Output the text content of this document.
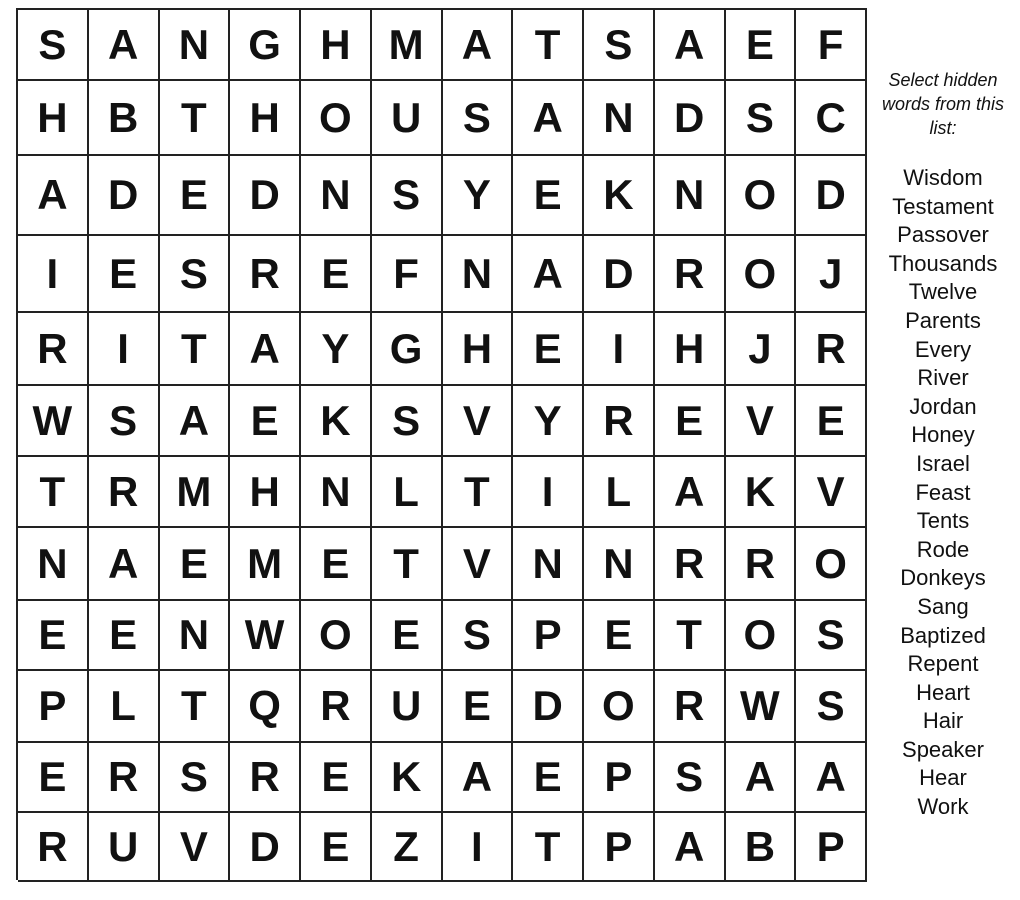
S A N G H M A	T	S A E	F
H B	T	H O U S A N D S C
A D E D N S	Y	E K N O D
I	E	S R E	F	N A D R O	J
R	I	T	A Y G H E	I	H	J	R
W S A E K S	V	Y R E	V	E
T	R M H N	L	T	I	L	A K V
N A E M E	T	V N N R R O
E	E N W O E	S	P	E	T O S
P	L	T Q R U E D O R W S
E R S R E K A E	P	S A A
R U V D E	Z	I	T	P A B P
Select hidden words from this list:
Wisdom
Testament
Passover
Thousands
Twelve
Parents
Every
River
Jordan
Honey
Israel
Feast
Tents
Rode
Donkeys
Sang
Baptized
Repent
Heart
Hair
Speaker
Hear
Work
